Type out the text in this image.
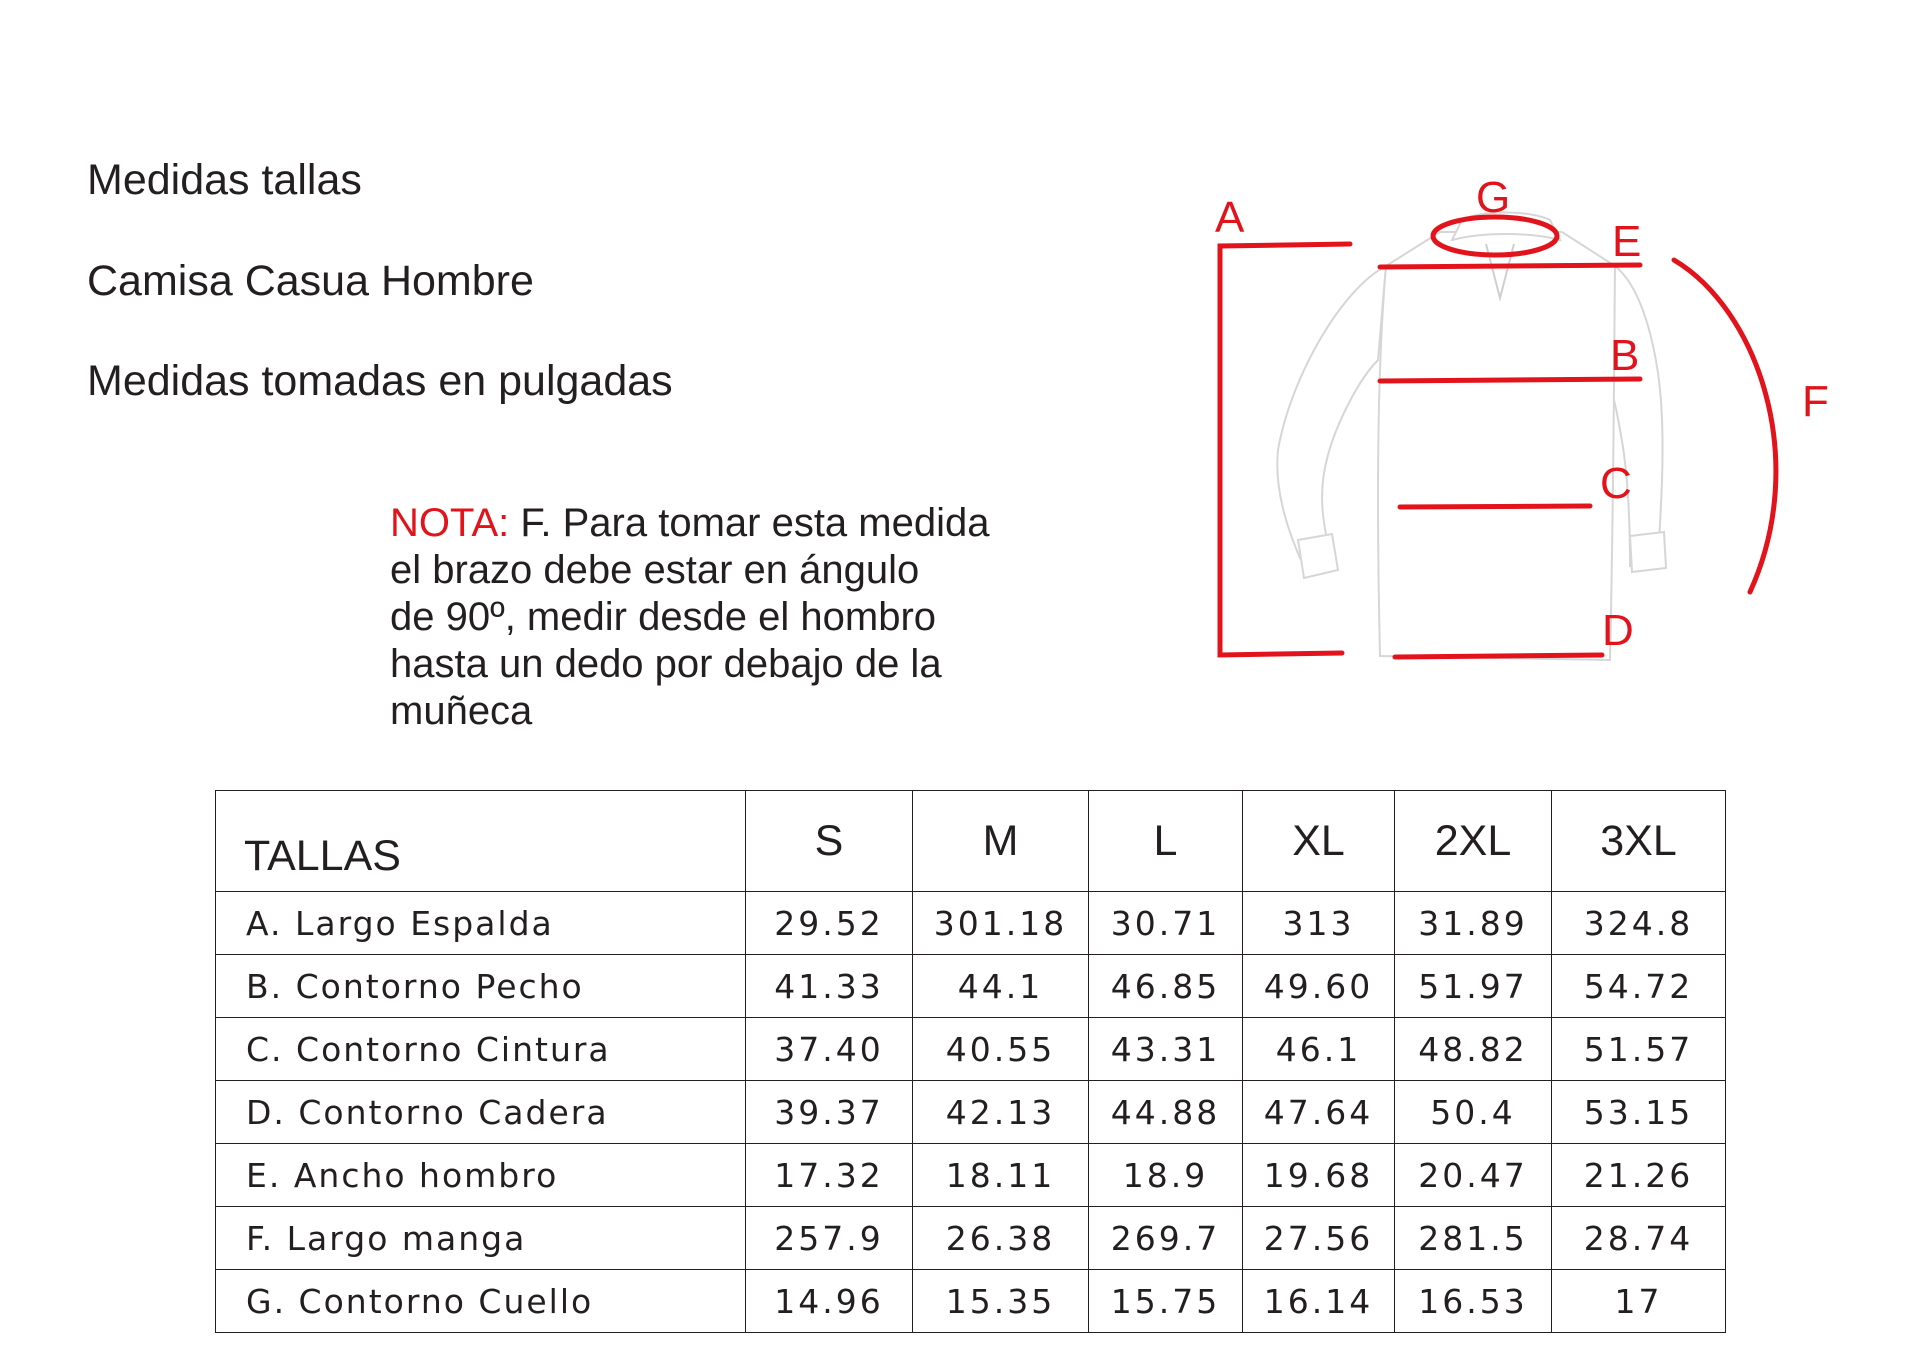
Medidas tallas
Camisa Casua Hombre
Medidas tomadas en pulgadas
NOTA: F. Para tomar esta medida
el brazo debe estar en ángulo
de 90º, medir desde el hombro
hasta un dedo por debajo de la
muñeca
A
B
C
D
E
F
G
TALLAS	S	M	L	XL	2XL	3XL
A. Largo Espalda	29.52	301.18	30.71	313	31.89	324.8
B. Contorno Pecho	41.33	44.1	46.85	49.60	51.97	54.72
C. Contorno Cintura	37.40	40.55	43.31	46.1	48.82	51.57
D. Contorno Cadera	39.37	42.13	44.88	47.64	50.4	53.15
E. Ancho hombro	17.32	18.11	18.9	19.68	20.47	21.26
F. Largo manga	257.9	26.38	269.7	27.56	281.5	28.74
G. Contorno Cuello	14.96	15.35	15.75	16.14	16.53	17
